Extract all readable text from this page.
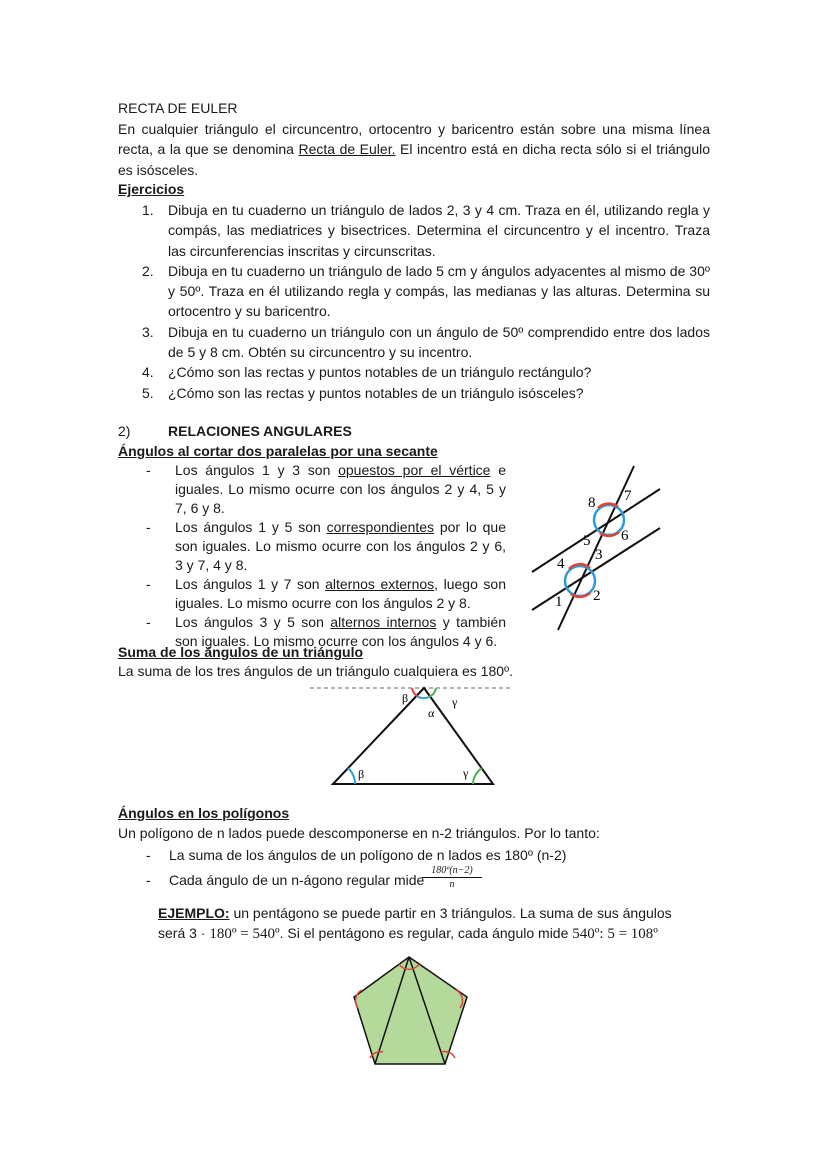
RECTA DE EULER
En cualquier triángulo el circuncentro, ortocentro y baricentro están sobre una misma línea recta, a la que se denomina Recta de Euler. El incentro está en dicha recta sólo si el triángulo es isósceles.
Ejercicios
1. Dibuja en tu cuaderno un triángulo de lados 2, 3 y 4 cm. Traza en él, utilizando regla y compás, las mediatrices y bisectrices. Determina el circuncentro y el incentro. Traza las circunferencias inscritas y circunscritas.
2. Dibuja en tu cuaderno un triángulo de lado 5 cm y ángulos adyacentes al mismo de 30º y 50º. Traza en él utilizando regla y compás, las medianas y las alturas. Determina su ortocentro y su baricentro.
3. Dibuja en tu cuaderno un triángulo con un ángulo de 50º comprendido entre dos lados de 5 y 8 cm. Obtén su circuncentro y su incentro.
4. ¿Cómo son las rectas y puntos notables de un triángulo rectángulo?
5. ¿Cómo son las rectas y puntos notables de un triángulo isósceles?
2)	RELACIONES ANGULARES
Ángulos al cortar dos paralelas por una secante
- Los ángulos 1 y 3 son opuestos por el vértice e iguales. Lo mismo ocurre con los ángulos 2 y 4, 5 y 7, 6 y 8.
- Los ángulos 1 y 5 son correspondientes por lo que son iguales. Lo mismo ocurre con los ángulos 2 y 6, 3 y 7, 4 y 8.
- Los ángulos 1 y 7 son alternos externos, luego son iguales. Lo mismo ocurre con los ángulos 2 y 8.
- Los ángulos 3 y 5 son alternos internos y también son iguales. Lo mismo ocurre con los ángulos 4 y 6.
8 7
6
5
3
4
1 2
Suma de los ángulos de un triángulo
La suma de los tres ángulos de un triángulo cualquiera es 180º.
β	γ
α
β	γ
Ángulos en los polígonos
Un polígono de n lados puede descomponerse en n-2 triángulos. Por lo tanto:
- La suma de los ángulos de un polígono de n lados es 180º (n-2)
- Cada ángulo de un n-ágono regular mide
180º(n−2)
n
EJEMPLO: un pentágono se puede partir en 3 triángulos. La suma de sus ángulos
será 3 · 180º = 540º. Si el pentágono es regular, cada ángulo mide 540º: 5 = 108º
